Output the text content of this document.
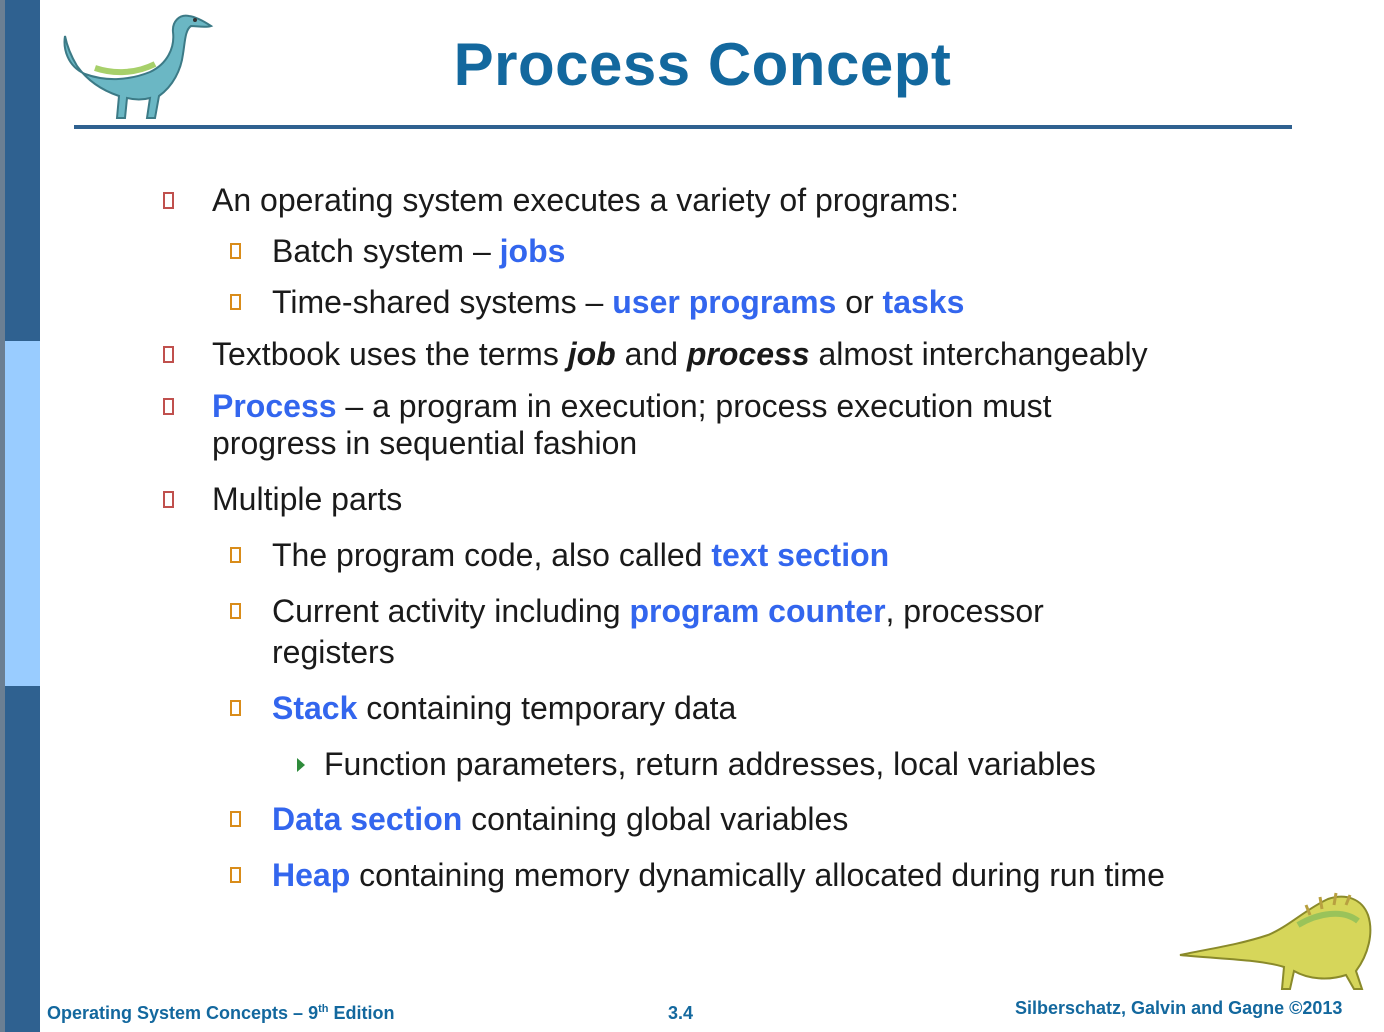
Process Concept
An operating system executes a variety of programs:
Batch system – jobs
Time-shared systems – user programs or tasks
Textbook uses the terms job and process almost interchangeably
Process – a program in execution; process execution must
progress in sequential fashion
Multiple parts
The program code, also called text section
Current activity including program counter, processor
registers
Stack containing temporary data
Function parameters, return addresses, local variables
Data section containing global variables
Heap containing memory dynamically allocated during run time
Operating System Concepts – 9th Edition	3.4	Silberschatz, Galvin and Gagne ©2013
